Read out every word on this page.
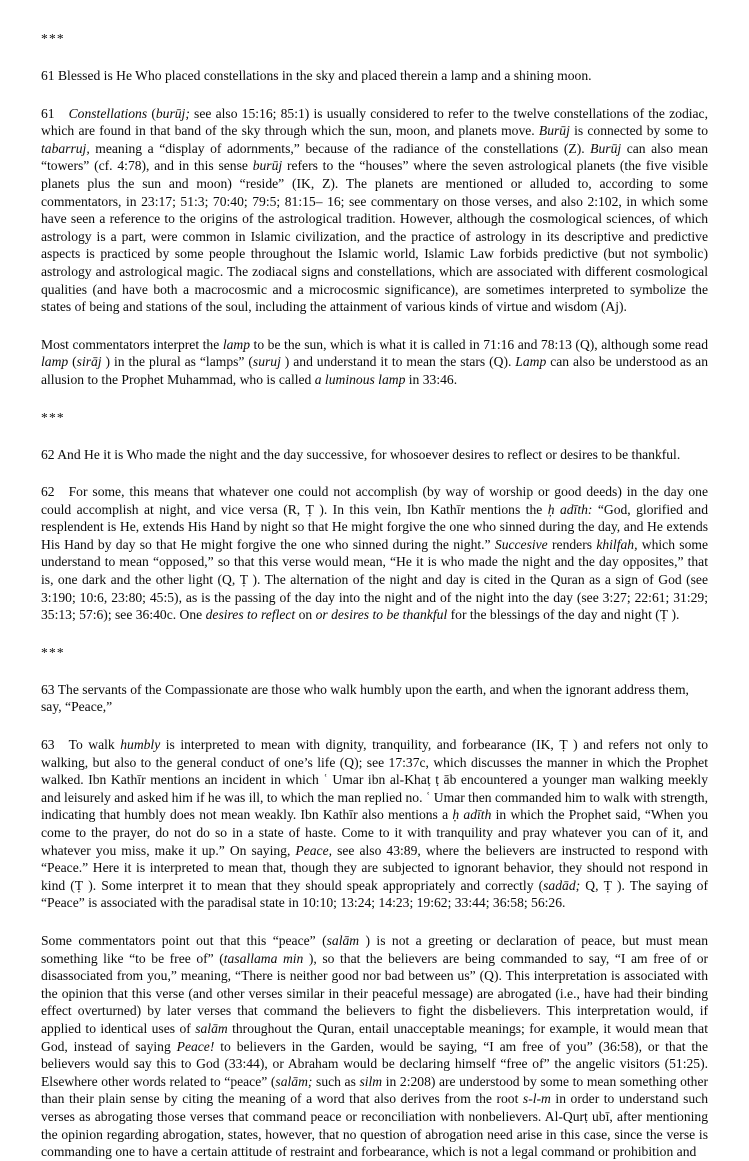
***

61 Blessed is He Who placed constellations in the sky and placed therein a lamp and a shining moon.

61 Constellations (burūj; see also 15:16; 85:1) is usually considered to refer to the twelve constellations of the zodiac, which are found in that band of the sky through which the sun, moon, and planets move. Burūj is connected by some to tabarruj, meaning a “display of adornments,” because of the radiance of the constellations (Z). Burūj can also mean “towers” (cf. 4:78), and in this sense burūj refers to the “houses” where the seven astrological planets (the five visible planets plus the sun and moon) “reside” (IK, Z). The planets are mentioned or alluded to, according to some commentators, in 23:17; 51:3; 70:40; 79:5; 81:15– 16; see commentary on those verses, and also 2:102, in which some have seen a reference to the origins of the astrological tradition. However, although the cosmological sciences, of which astrology is a part, were common in Islamic civilization, and the practice of astrology in its descriptive and predictive aspects is practiced by some people throughout the Islamic world, Islamic Law forbids predictive (but not symbolic) astrology and astrological magic. The zodiacal signs and constellations, which are associated with different cosmological qualities (and have both a macrocosmic and a microcosmic significance), are sometimes interpreted to symbolize the states of being and stations of the soul, including the attainment of various kinds of virtue and wisdom (Aj).

Most commentators interpret the lamp to be the sun, which is what it is called in 71:16 and 78:13 (Q), although some read lamp (sirāj ) in the plural as “lamps” (suruj ) and understand it to mean the stars (Q). Lamp can also be understood as an allusion to the Prophet Muhammad, who is called a luminous lamp in 33:46.

***

62 And He it is Who made the night and the day successive, for whosoever desires to reflect or desires to be thankful.

62 For some, this means that whatever one could not accomplish (by way of worship or good deeds) in the day one could accomplish at night, and vice versa (R, Ṭ ). In this vein, Ibn Kathīr mentions the ḥ adīth: “God, glorified and resplendent is He, extends His Hand by night so that He might forgive the one who sinned during the day, and He extends His Hand by day so that He might forgive the one who sinned during the night.” Succesive renders khilfah, which some understand to mean “opposed,” so that this verse would mean, “He it is who made the night and the day opposites,” that is, one dark and the other light (Q, Ṭ ). The alternation of the night and day is cited in the Quran as a sign of God (see 3:190; 10:6, 23:80; 45:5), as is the passing of the day into the night and of the night into the day (see 3:27; 22:61; 31:29; 35:13; 57:6); see 36:40c. One desires to reflect on or desires to be thankful for the blessings of the day and night (Ṭ ).

***

63 The servants of the Compassionate are those who walk humbly upon the earth, and when the ignorant address them, say, “Peace,”

63 To walk humbly is interpreted to mean with dignity, tranquility, and forbearance (IK, Ṭ ) and refers not only to walking, but also to the general conduct of one’s life (Q); see 17:37c, which discusses the manner in which the Prophet walked. Ibn Kathīr mentions an incident in which ʿ Umar ibn al-Khaṭ ṭ āb encountered a younger man walking meekly and leisurely and asked him if he was ill, to which the man replied no. ʿ Umar then commanded him to walk with strength, indicating that humbly does not mean weakly. Ibn Kathīr also mentions a ḥ adīth in which the Prophet said, “When you come to the prayer, do not do so in a state of haste. Come to it with tranquility and pray whatever you can of it, and whatever you miss, make it up.” On saying, Peace, see also 43:89, where the believers are instructed to respond with “Peace.” Here it is interpreted to mean that, though they are subjected to ignorant behavior, they should not respond in kind (Ṭ ). Some interpret it to mean that they should speak appropriately and correctly (sadād; Q, Ṭ ). The saying of “Peace” is associated with the paradisal state in 10:10; 13:24; 14:23; 19:62; 33:44; 36:58; 56:26.

Some commentators point out that this “peace” (salām ) is not a greeting or declaration of peace, but must mean something like “to be free of” (tasallama min ), so that the believers are being commanded to say, “I am free of or disassociated from you,” meaning, “There is neither good nor bad between us” (Q). This interpretation is associated with the opinion that this verse (and other verses similar in their peaceful message) are abrogated (i.e., have had their binding effect overturned) by later verses that command the believers to fight the disbelievers. This interpretation would, if applied to identical uses of salām throughout the Quran, entail unacceptable meanings; for example, it would mean that God, instead of saying Peace! to believers in the Garden, would be saying, “I am free of you” (36:58), or that the believers would say this to God (33:44), or Abraham would be declaring himself “free of” the angelic visitors (51:25). Elsewhere other words related to “peace” (salām; such as silm in 2:208) are understood by some to mean something other than their plain sense by citing the meaning of a word that also derives from the root s-l-m in order to understand such verses as abrogating those verses that command peace or reconciliation with nonbelievers. Al-Qurṭ ubī, after mentioning the opinion regarding abrogation, states, however, that no question of abrogation need arise in this case, since the verse is commanding one to have a certain attitude of restraint and forbearance, which is not a legal command or prohibition and
